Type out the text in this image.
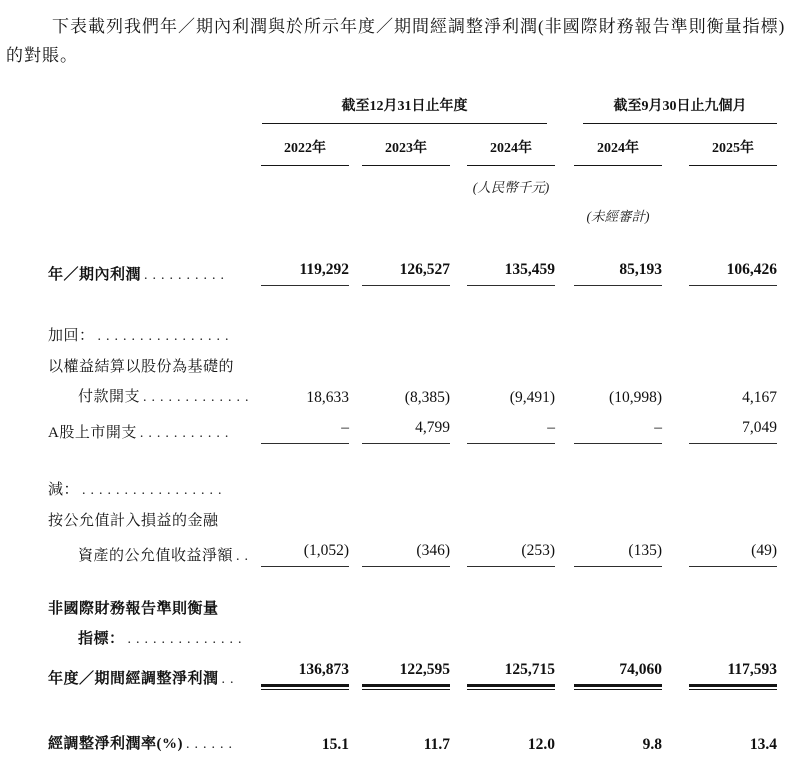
下表載列我們年／期內利潤與於所示年度／期間經調整淨利潤(非國際財務報告準則衡量指標)的對賬。

	截至12月31日止年度			截至9月30日止九個月	

	2022年	2023年	2024年	2024年	2025年

			(人民幣千元)		

				(未經審計)	

年／期內利潤 ..........	119,292	126,527	135,459	85,193	106,426

加回： ................					
以權益結算以股份為基礎的					
付款開支 .............	18,633	(8,385)	(9,491)	(10,998)	4,167

A股上市開支 ...........	–	4,799	–	–	7,049

減： .................					
按公允值計入損益的金融					
資產的公允值收益淨額 ..	(1,052)	(346)	(253)	(135)	(49)

非國際財務報告準則衡量					
指標： ..............					
年度／期間經調整淨利潤 ..	136,873	122,595	125,715	74,060	117,593

經調整淨利潤率(%) ......	15.1	11.7	12.0	9.8	13.4
